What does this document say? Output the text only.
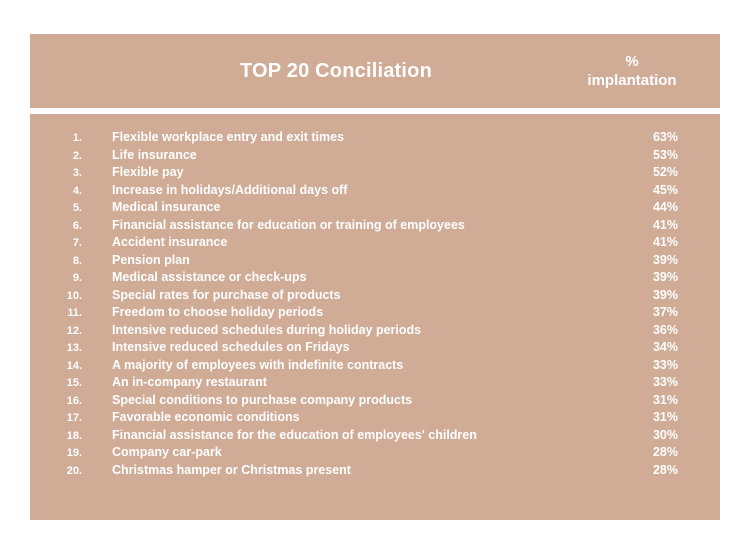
TOP 20 Conciliation	%
implantation
1.	Flexible workplace entry and exit times	63%
2.	Life insurance	53%
3.	Flexible pay	52%
4.	Increase in holidays/Additional days off	45%
5.	Medical insurance	44%
6.	Financial assistance for education or training of employees	41%
7.	Accident insurance	41%
8.	Pension plan	39%
9.	Medical assistance or check-ups	39%
10.	Special rates for purchase of products	39%
11.	Freedom to choose holiday periods	37%
12.	Intensive reduced schedules during holiday periods	36%
13.	Intensive reduced schedules on Fridays	34%
14.	A majority of employees with indefinite contracts	33%
15.	An in-company restaurant	33%
16.	Special conditions to purchase company products	31%
17.	Favorable economic conditions	31%
18.	Financial assistance for the education of employees' children	30%
19.	Company car-park	28%
20.	Christmas hamper or Christmas present	28%
